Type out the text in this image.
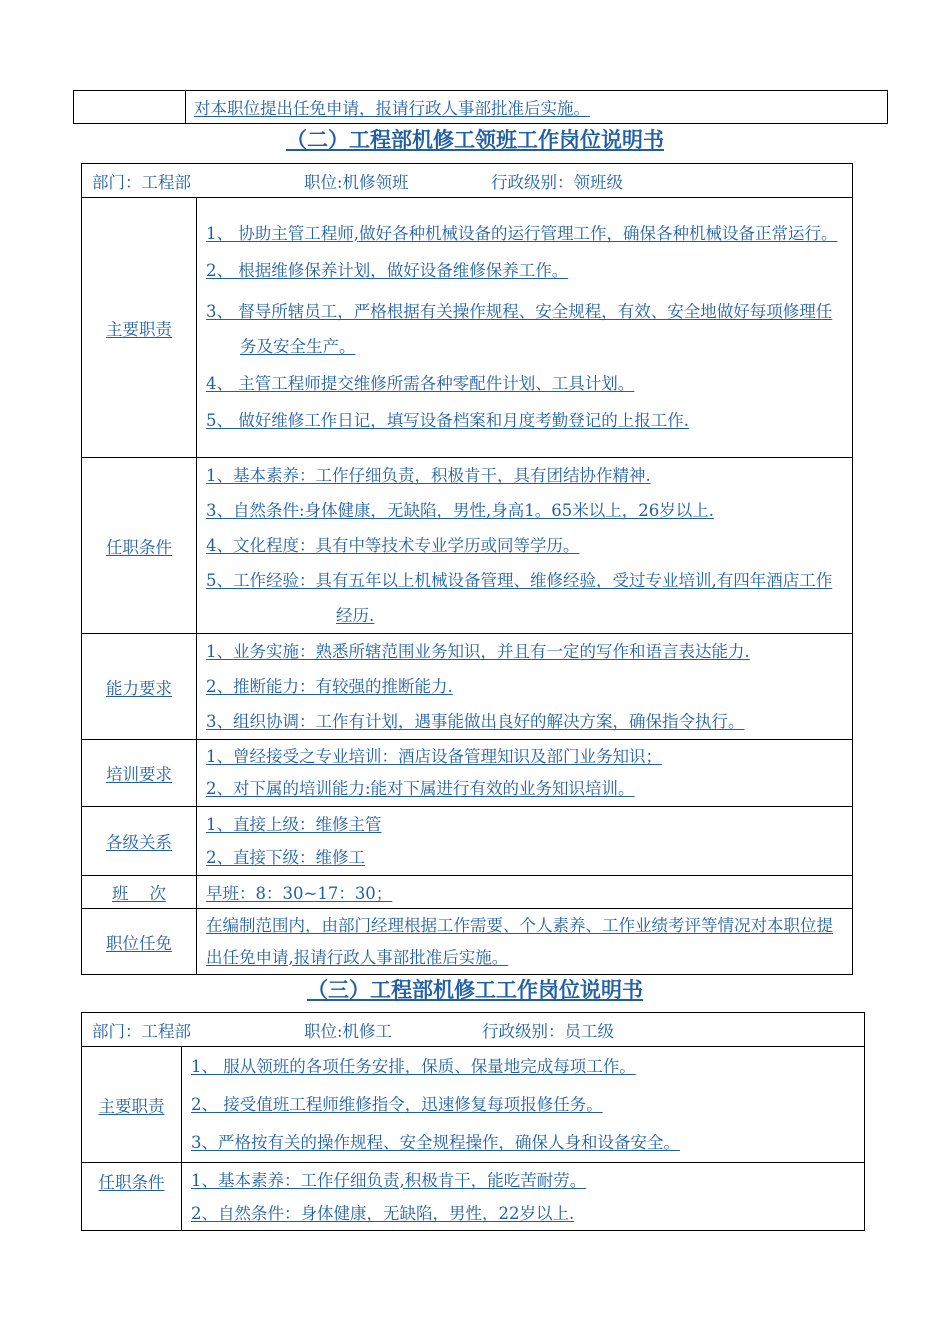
	对本职位提出任免申请，报请行政人事部批准后实施。
（二）工程部机修工领班工作岗位说明书
部门：工程部 职位:机修领班 行政级别：领班级	
主要职责	1、 协助主管工程师,做好各种机械设备的运行管理工作，确保各种机械设备正常运行。
2、 根据维修保养计划，做好设备维修保养工作。
3、 督导所辖员工，严格根据有关操作规程、安全规程，有效、安全地做好每项修理任务及安全生产。
4、 主管工程师提交维修所需各种零配件计划、工具计划。
5、 做好维修工作日记，填写设备档案和月度考勤登记的上报工作.

任职条件	1、基本素养：工作仔细负责，积极肯干，具有团结协作精神.
3、自然条件:身体健康，无缺陷，男性,身高1。65米以上，26岁以上.
4、文化程度：具有中等技术专业学历或同等学历。
5、工作经验：具有五年以上机械设备管理、维修经验，受过专业培训,有四年酒店工作经历.

能力要求	1、业务实施：熟悉所辖范围业务知识，并且有一定的写作和语言表达能力.
2、推断能力：有较强的推断能力.
3、组织协调：工作有计划，遇事能做出良好的解决方案，确保指令执行。

培训要求	1、曾经接受之专业培训：酒店设备管理知识及部门业务知识；
2、对下属的培训能力:能对下属进行有效的业务知识培训。

各级关系	1、直接上级：维修主管
2、直接下级：维修工

班    次	早班：8：30~17：30；
职位任免	在编制范围内，由部门经理根据工作需要、个人素养、工作业绩考评等情况对本职位提出任免申请,报请行政人事部批准后实施。
（三）工程部机修工工作岗位说明书
部门：工程部 职位:机修工 行政级别：员工级	
主要职责	1、 服从领班的各项任务安排，保质、保量地完成每项工作。
2、 接受值班工程师维修指令，迅速修复每项报修任务。
3、严格按有关的操作规程、安全规程操作，确保人身和设备安全。

任职条件	1、基本素养：工作仔细负责,积极肯干，能吃苦耐劳。
2、自然条件：身体健康，无缺陷，男性，22岁以上.
